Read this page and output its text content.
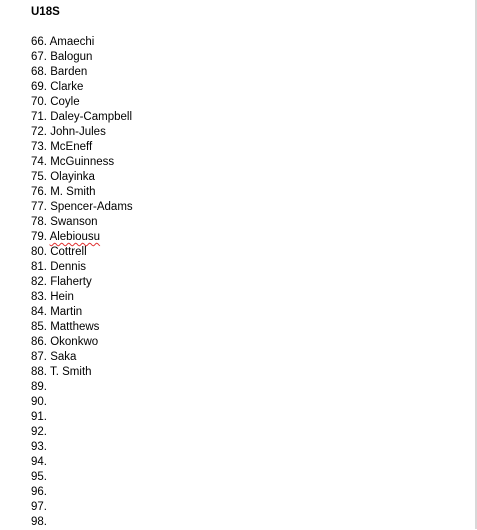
U18S
66. Amaechi
67. Balogun
68. Barden
69. Clarke
70. Coyle
71. Daley-Campbell
72. John-Jules
73. McEneff
74. McGuinness
75. Olayinka
76. M. Smith
77. Spencer-Adams
78. Swanson
79. Alebiousu
80. Cottrell
81. Dennis
82. Flaherty
83. Hein
84. Martin
85. Matthews
86. Okonkwo
87. Saka
88. T. Smith
89.
90.
91.
92.
93.
94.
95.
96.
97.
98.
